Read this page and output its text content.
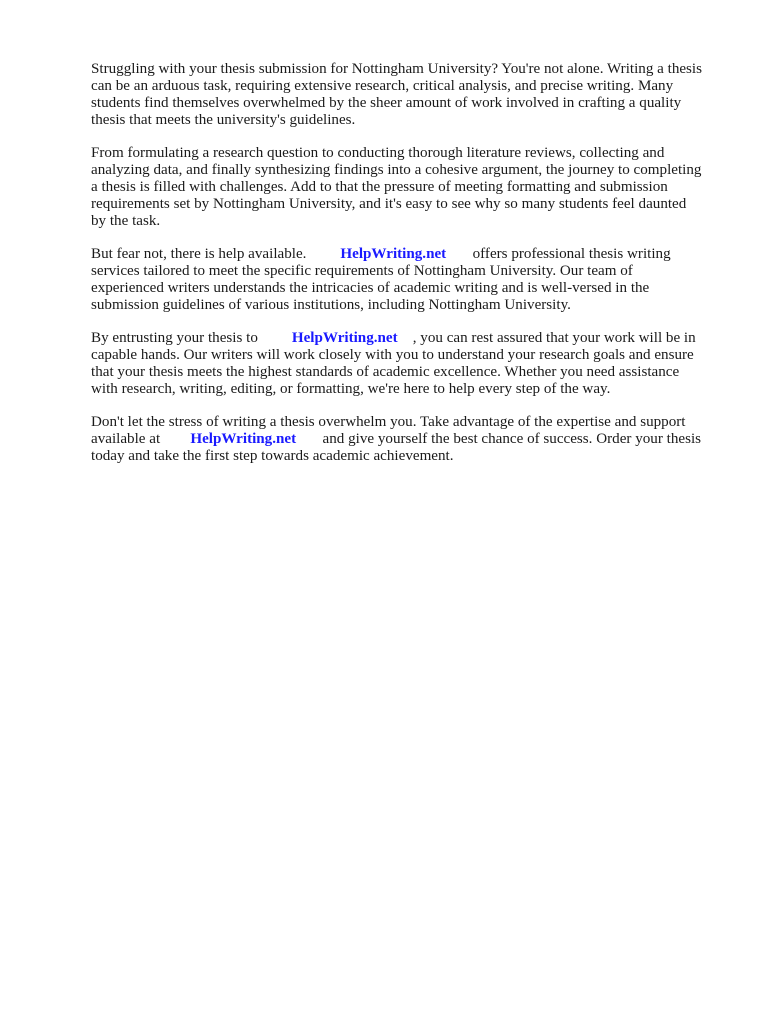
Struggling with your thesis submission for Nottingham University? You're not alone. Writing a thesis
can be an arduous task, requiring extensive research, critical analysis, and precise writing. Many
students find themselves overwhelmed by the sheer amount of work involved in crafting a quality
thesis that meets the university's guidelines.
From formulating a research question to conducting thorough literature reviews, collecting and
analyzing data, and finally synthesizing findings into a cohesive argument, the journey to completing
a thesis is filled with challenges. Add to that the pressure of meeting formatting and submission
requirements set by Nottingham University, and it's easy to see why so many students feel daunted
by the task.
But fear not, there is help available. HelpWriting.net offers professional thesis writing
services tailored to meet the specific requirements of Nottingham University. Our team of
experienced writers understands the intricacies of academic writing and is well-versed in the
submission guidelines of various institutions, including Nottingham University.
By entrusting your thesis to HelpWriting.net , you can rest assured that your work will be in
capable hands. Our writers will work closely with you to understand your research goals and ensure
that your thesis meets the highest standards of academic excellence. Whether you need assistance
with research, writing, editing, or formatting, we're here to help every step of the way.
Don't let the stress of writing a thesis overwhelm you. Take advantage of the expertise and support
available at HelpWriting.net and give yourself the best chance of success. Order your thesis
today and take the first step towards academic achievement.
